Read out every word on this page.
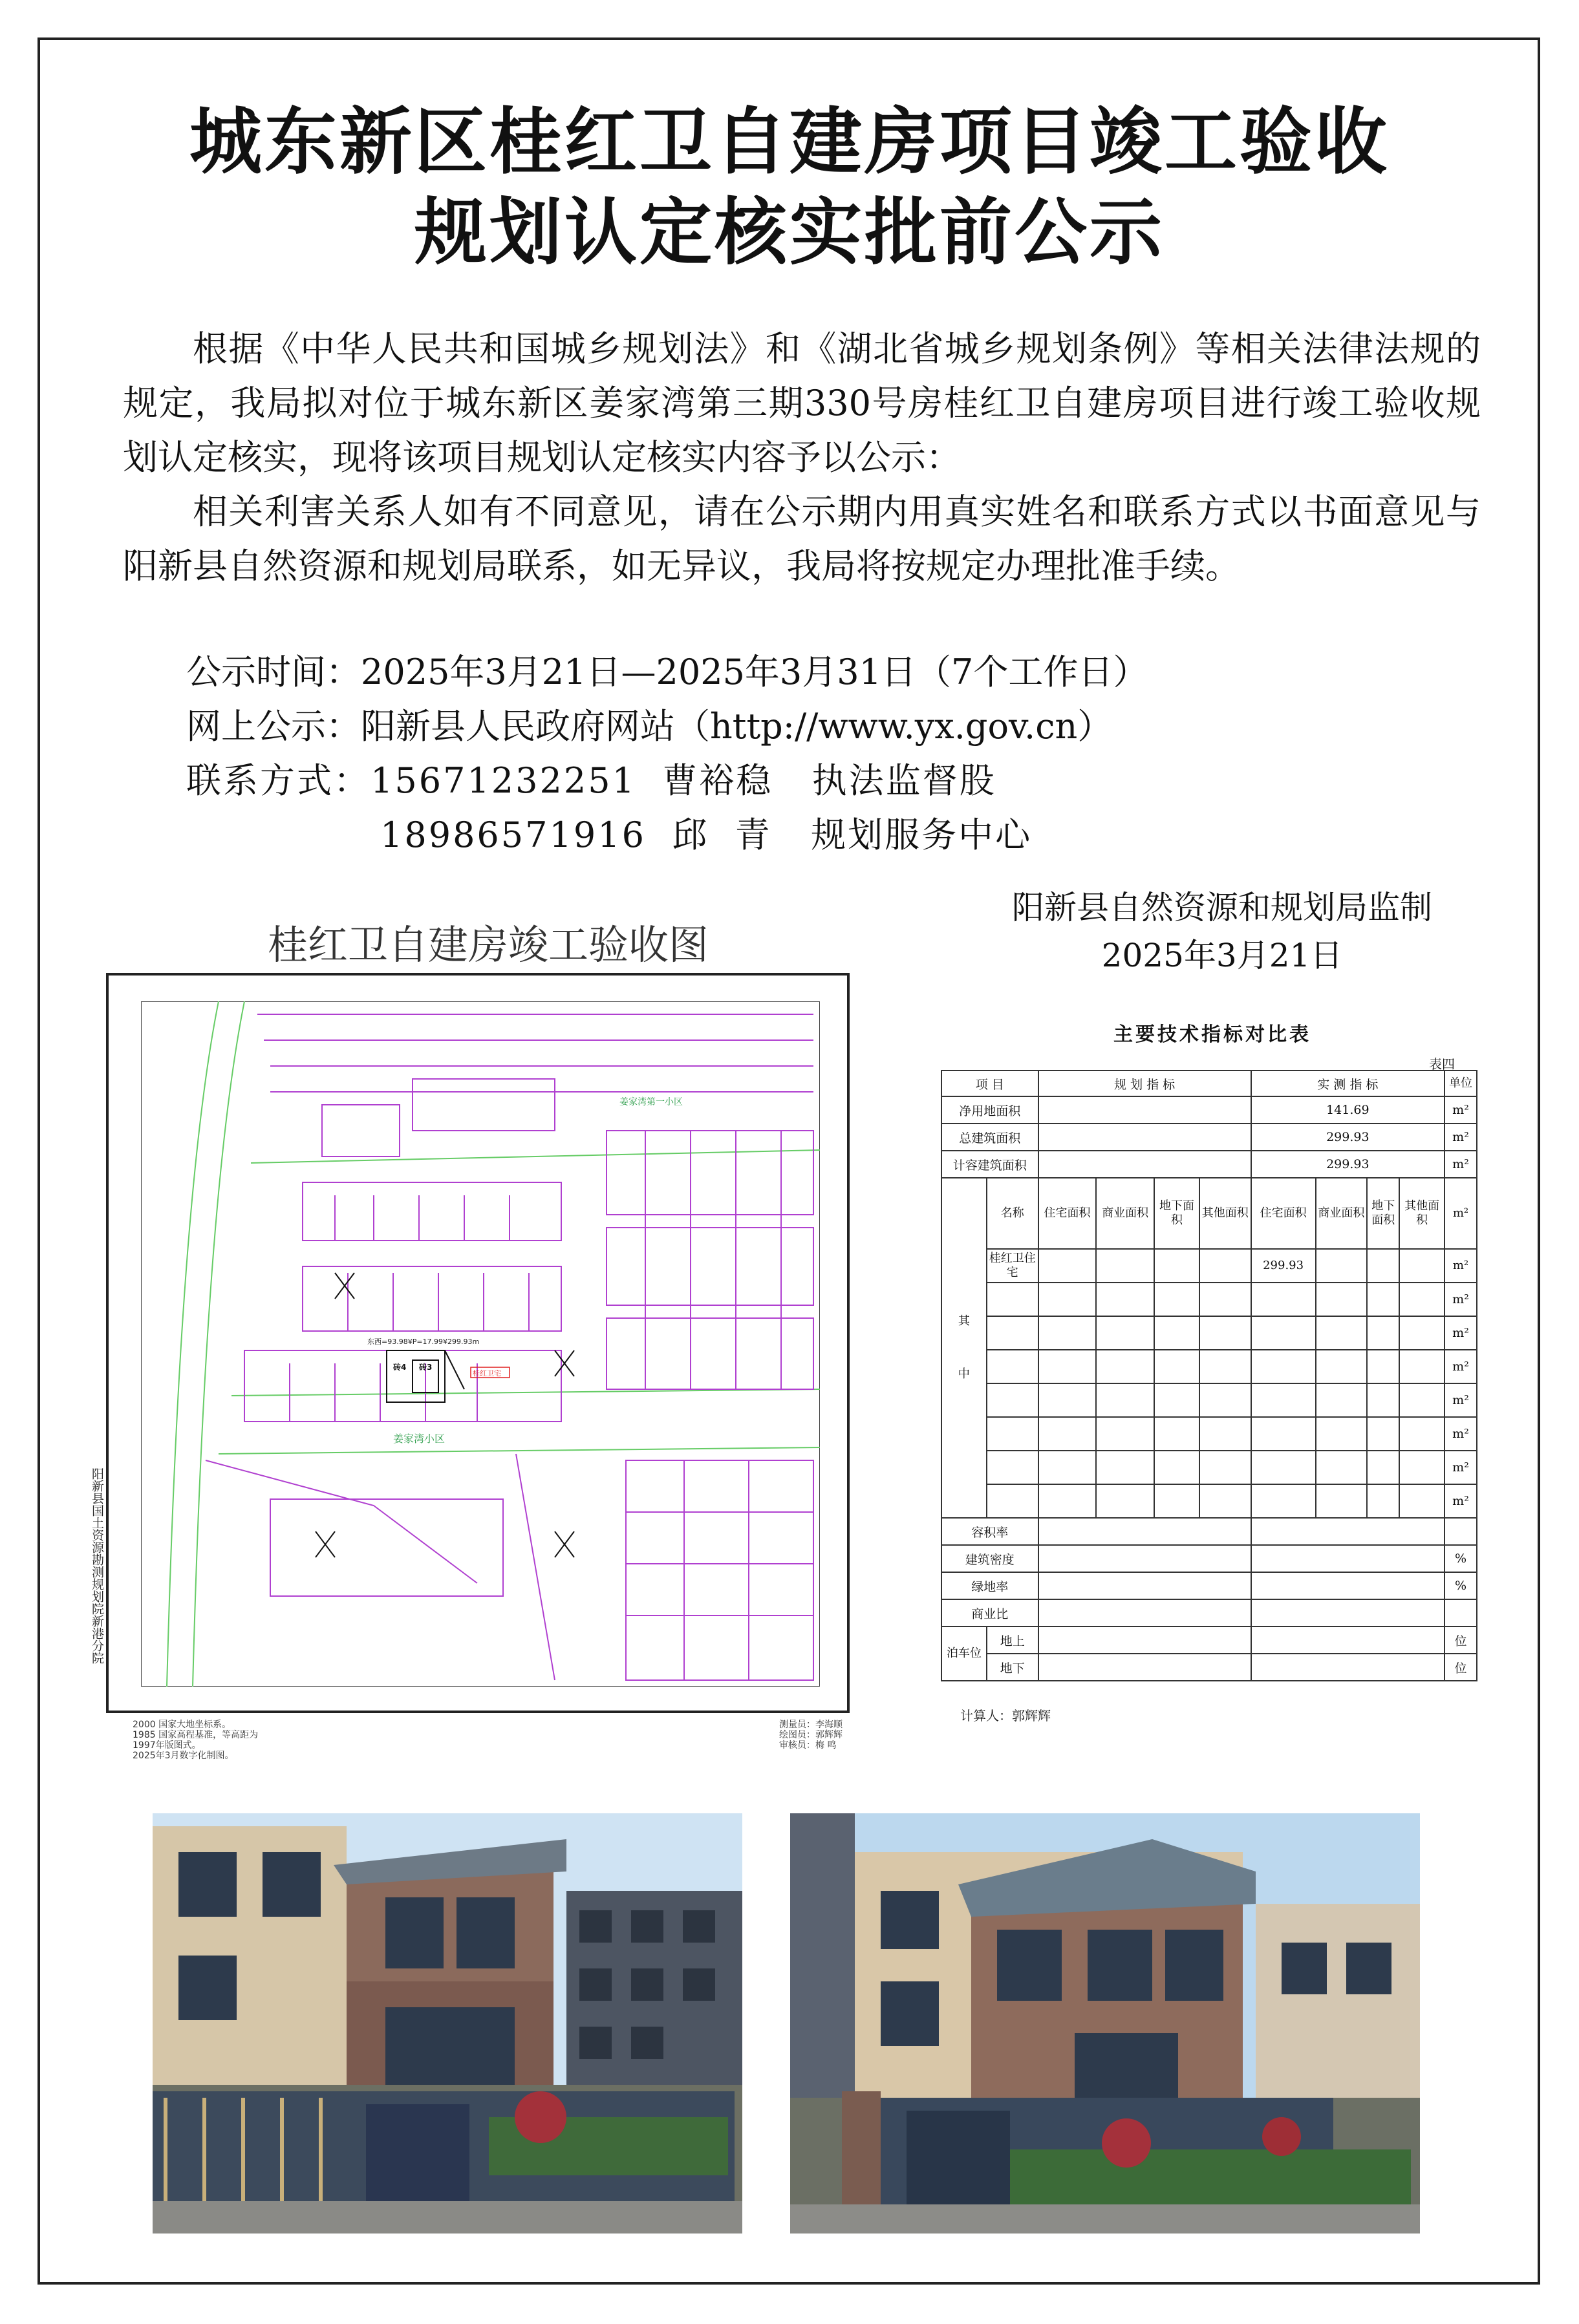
城东新区桂红卫自建房项目竣工验收
规划认定核实批前公示

根据《中华人民共和国城乡规划法》和《湖北省城乡规划条例》等相关法律法规的规定，我局拟对位于城东新区姜家湾第三期330号房桂红卫自建房项目进行竣工验收规划认定核实，现将该项目规划认定核实内容予以公示：

相关利害关系人如有不同意见，请在公示期内用真实姓名和联系方式以书面意见与阳新县自然资源和规划局联系，如无异议，我局将按规定办理批准手续。

公示时间：2025年3月21日—2025年3月31日（7个工作日）
网上公示：阳新县人民政府网站（http://www.yx.gov.cn）
联系方式：15671232251  曹裕稳   执法监督股
18986571916  邱  青   规划服务中心
阳新县自然资源和规划局监制
2025年3月21日
桂红卫自建房竣工验收图
阳新县国土资源勘测规划院新港分院
姜家湾第一小区
姜家湾小区
东西=93.98¥P=17.99¥299.93m
桂红卫宅
砖4 砖3
2000 国家大地坐标系。
1985 国家高程基准，等高距为
1997年版图式。
2025年3月数字化制图。
测量员：李海顺
绘图员：郭辉辉
审核员：梅 鸣
主要技术指标对比表
表四
项 目		规 划 指 标				实 测 指 标				单位
净用地面积						141.69				m²
总建筑面积						299.93				m²
计容建筑面积						299.93				m²

其
中	名称	住宅面积	商业面积	地下面积	其他面积	住宅面积	商业面积	地下面积	其他面积	m²
	桂红卫住宅					299.93				m²
										m²
										m²
										m²
										m²
										m²
										m²
										m²
容积率										
建筑密度										%
绿地率										%
商业比										
泊车位	地上									位
	地下									位
计算人：郭辉辉
